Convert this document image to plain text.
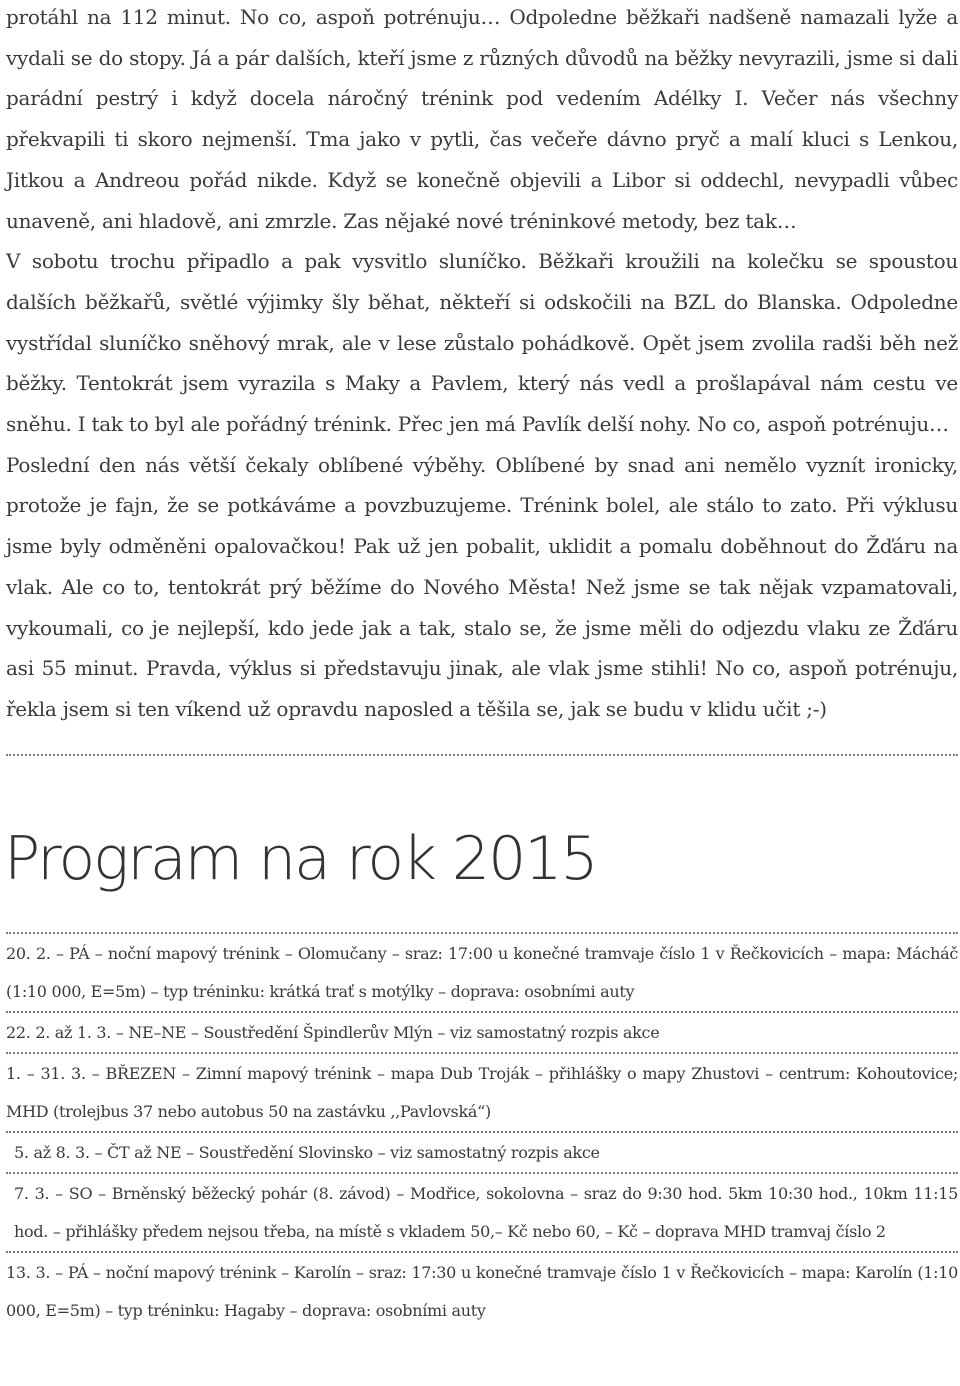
protáhl na 112 minut. No co, aspoň potrénuju… Odpoledne běžkaři nadšeně namazali lyže a vydali se do stopy. Já a pár dalších, kteří jsme z různých důvodů na běžky nevyrazili, jsme si dali parádní pestrý i když docela náročný trénink pod vedením Adélky I. Večer nás všechny překvapili ti skoro nejmenší. Tma jako v pytli, čas večeře dávno pryč a malí kluci s Lenkou, Jitkou a Andreou pořád nikde. Když se konečně objevili a Libor si oddechl, nevypadli vůbec unaveně, ani hladově, ani zmrzle. Zas nějaké nové tréninkové metody, bez tak…

V sobotu trochu připadlo a pak vysvitlo sluníčko. Běžkaři kroužili na kolečku se spoustou dalších běžkařů, světlé výjimky šly běhat, někteří si odskočili na BZL do Blanska. Odpoledne vystřídal sluníčko sněhový mrak, ale v lese zůstalo pohádkově. Opět jsem zvolila radši běh než běžky. Tentokrát jsem vyrazila s Maky a Pavlem, který nás vedl a prošlapával nám cestu ve sněhu. I tak to byl ale pořádný trénink. Přec jen má Pavlík delší nohy. No co, aspoň potrénuju…

Poslední den nás větší čekaly oblíbené výběhy. Oblíbené by snad ani nemělo vyznít ironicky, protože je fajn, že se potkáváme a povzbuzujeme. Trénink bolel, ale stálo to zato. Při výklusu jsme byly odměněni opalovačkou! Pak už jen pobalit, uklidit a pomalu doběhnout do Žďáru na vlak. Ale co to, tentokrát prý běžíme do Nového Města! Než jsme se tak nějak vzpamatovali, vykoumali, co je nejlepší, kdo jede jak a tak, stalo se, že jsme měli do odjezdu vlaku ze Žďáru asi 55 minut. Pravda, výklus si představuju jinak, ale vlak jsme stihli! No co, aspoň potrénuju, řekla jsem si ten víkend už opravdu naposled a těšila se, jak se budu v klidu učit ;-)

Program na rok 2015

20. 2. – PÁ – noční mapový trénink – Olomučany – sraz: 17:00 u konečné tramvaje číslo 1 v Řečkovicích – mapa: Mácháč (1:10 000, E=5m) – typ tréninku: krátká trať s motýlky – doprava: osobními auty

22. 2. až 1. 3. – NE–NE – Soustředění Špindlerův Mlýn – viz samostatný rozpis akce

1. – 31. 3. – BŘEZEN – Zimní mapový trénink – mapa Dub Troják – přihlášky o mapy Zhustovi – centrum: Kohoutovice; MHD (trolejbus 37 nebo autobus 50 na zastávku ,,Pavlovská“)

5. až 8. 3. – ČT až NE – Soustředění Slovinsko – viz samostatný rozpis akce

7. 3. – SO – Brněnský běžecký pohár (8. závod) – Modřice, sokolovna – sraz do 9:30 hod. 5km 10:30 hod., 10km 11:15 hod. – přihlášky předem nejsou třeba, na místě s vkladem 50,– Kč nebo 60, – Kč – doprava MHD tramvaj číslo 2

13. 3. – PÁ – noční mapový trénink – Karolín – sraz: 17:30 u konečné tramvaje číslo 1 v Řečkovicích – mapa: Karolín (1:10 000, E=5m) – typ tréninku: Hagaby – doprava: osobními auty
